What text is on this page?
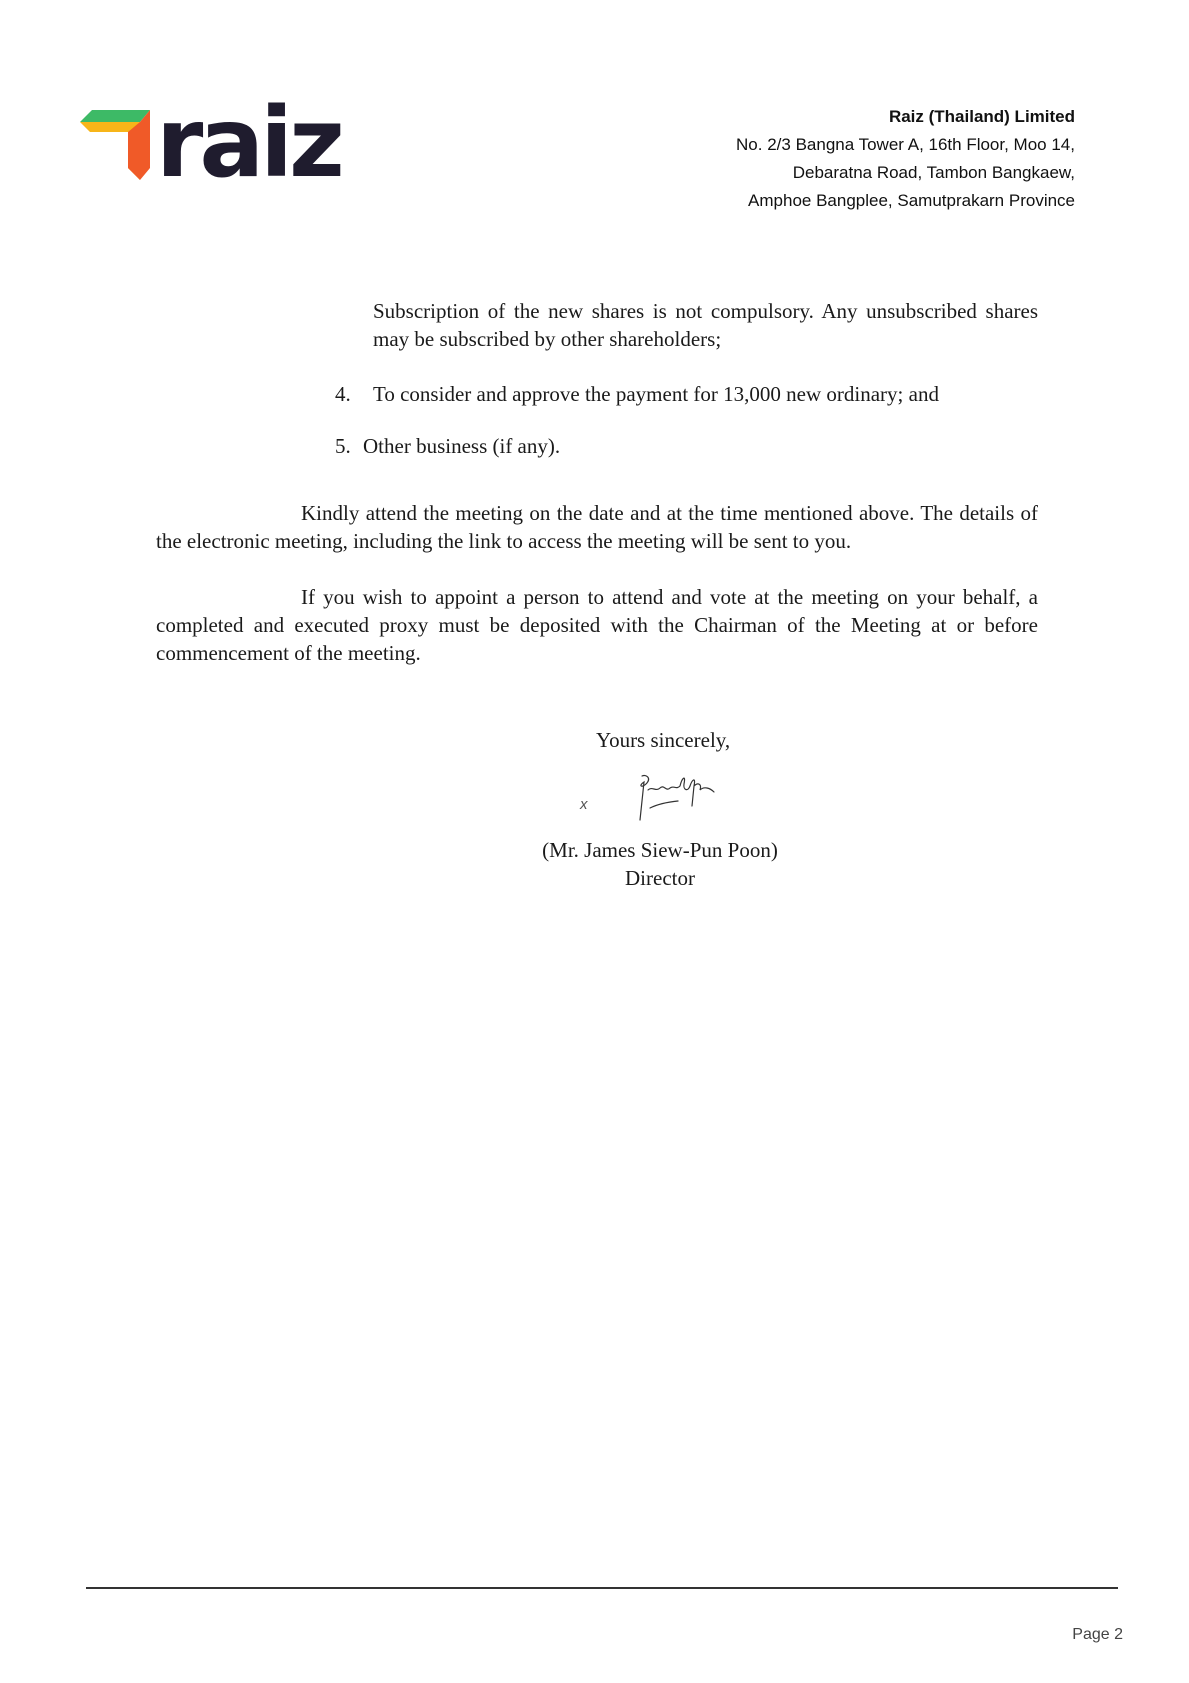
raiz	Raiz (Thailand) Limited
No. 2/3 Bangna Tower A, 16th Floor, Moo 14,
Debaratna Road, Tambon Bangkaew,
Amphoe Bangplee, Samutprakarn Province
Subscription of the new shares is not compulsory. Any unsubscribed shares may be subscribed by other shareholders;
4. To consider and approve the payment for 13,000 new ordinary; and
5. Other business (if any).
Kindly attend the meeting on the date and at the time mentioned above. The details of the electronic meeting, including the link to access the meeting will be sent to you.
If you wish to appoint a person to attend and vote at the meeting on your behalf, a completed and executed proxy must be deposited with the Chairman of the Meeting at or before commencement of the meeting.
Yours sincerely,
x
(Mr. James Siew-Pun Poon)
Director
Page 2
